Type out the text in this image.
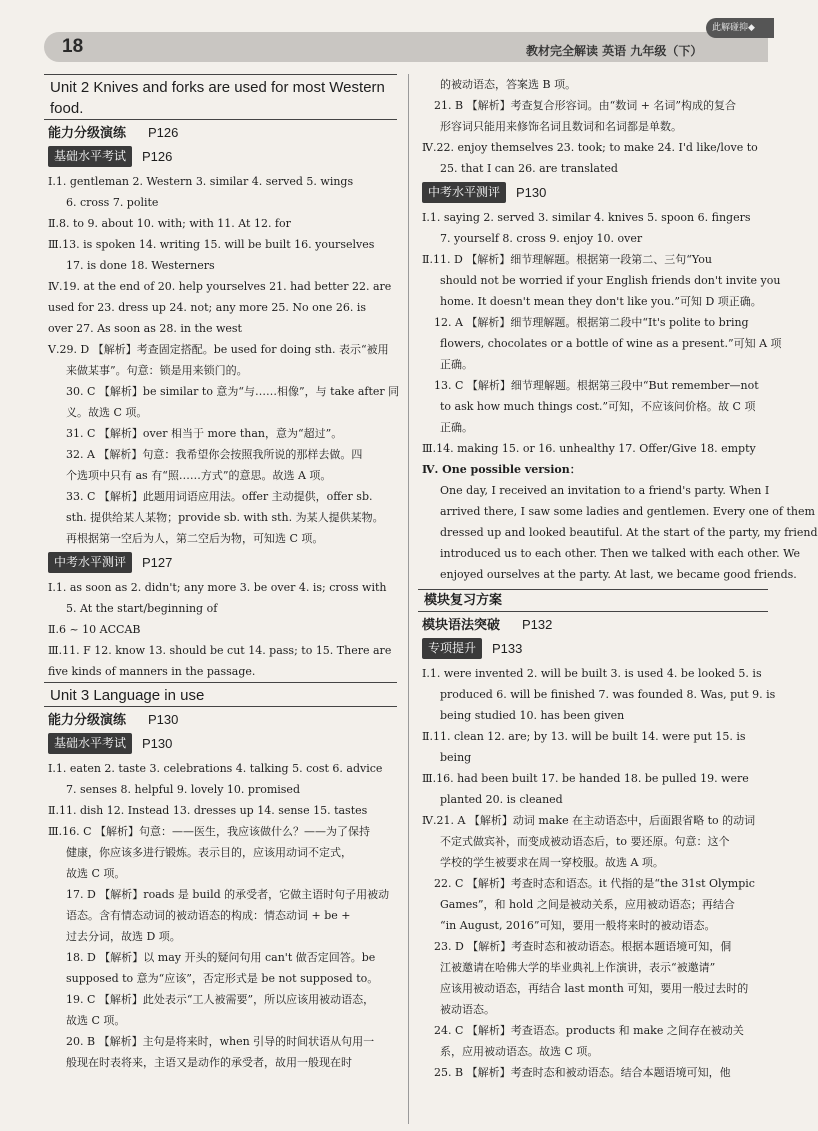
18	教材完全解读 英语 九年级（下）
此解碰抑◆
Unit 2 Knives and forks are used for most Western food.
能力分级演练 P126
基础水平考试 P126
Ⅰ.1. gentleman 2. Western 3. similar 4. served 5. wings
6. cross 7. polite
Ⅱ.8. to 9. about 10. with; with 11. At 12. for
Ⅲ.13. is spoken 14. writing 15. will be built 16. yourselves
17. is done 18. Westerners
Ⅳ.19. at the end of 20. help yourselves 21. had better 22. are
used for 23. dress up 24. not; any more 25. No one 26. is
over 27. As soon as 28. in the west
Ⅴ.29. D 【解析】考查固定搭配。be used for doing sth. 表示“被用
来做某事”。句意：锁是用来锁门的。
30. C 【解析】be similar to 意为“与……相像”，与 take after 同
义。故选 C 项。
31. C 【解析】over 相当于 more than，意为“超过”。
32. A 【解析】句意：我希望你会按照我所说的那样去做。四
个选项中只有 as 有“照……方式”的意思。故选 A 项。
33. C 【解析】此题用词语应用法。offer 主动提供，offer sb.
sth. 提供给某人某物；provide sb. with sth. 为某人提供某物。
再根据第一空后为人，第二空后为物，可知选 C 项。
中考水平测评 P127
Ⅰ.1. as soon as 2. didn't; any more 3. be over 4. is; cross with
5. At the start/beginning of
Ⅱ.6 ~ 10 ACCAB
Ⅲ.11. F 12. know 13. should be cut 14. pass; to 15. There are
five kinds of manners in the passage.
Unit 3 Language in use
能力分级演练 P130
基础水平考试 P130
Ⅰ.1. eaten 2. taste 3. celebrations 4. talking 5. cost 6. advice
7. senses 8. helpful 9. lovely 10. promised
Ⅱ.11. dish 12. Instead 13. dresses up 14. sense 15. tastes
Ⅲ.16. C 【解析】句意：——医生，我应该做什么？——为了保持
健康，你应该多进行锻炼。表示目的，应该用动词不定式，
故选 C 项。
17. D 【解析】roads 是 build 的承受者，它做主语时句子用被动
语态。含有情态动词的被动语态的构成：情态动词 + be +
过去分词，故选 D 项。
18. D 【解析】以 may 开头的疑问句用 can't 做否定回答。be
supposed to 意为“应该”，否定形式是 be not supposed to。
19. C 【解析】此处表示“工人被需要”，所以应该用被动语态，
故选 C 项。
20. B 【解析】主句是将来时，when 引导的时间状语从句用一
般现在时表将来，主语又是动作的承受者，故用一般现在时
的被动语态，答案选 B 项。
21. B 【解析】考查复合形容词。由“数词 + 名词”构成的复合
形容词只能用来修饰名词且数词和名词都是单数。
Ⅳ.22. enjoy themselves 23. took; to make 24. I'd like/love to
25. that I can 26. are translated
中考水平测评 P130
Ⅰ.1. saying 2. served 3. similar 4. knives 5. spoon 6. fingers
7. yourself 8. cross 9. enjoy 10. over
Ⅱ.11. D 【解析】细节理解题。根据第一段第二、三句“You
should not be worried if your English friends don't invite you
home. It doesn't mean they don't like you.”可知 D 项正确。
12. A 【解析】细节理解题。根据第二段中“It's polite to bring
flowers, chocolates or a bottle of wine as a present.”可知 A 项
正确。
13. C 【解析】细节理解题。根据第三段中“But remember—not
to ask how much things cost.”可知，不应该问价格。故 C 项
正确。
Ⅲ.14. making 15. or 16. unhealthy 17. Offer/Give 18. empty
Ⅳ. One possible version：
One day, I received an invitation to a friend's party. When I
arrived there, I saw some ladies and gentlemen. Every one of them
dressed up and looked beautiful. At the start of the party, my friend
introduced us to each other. Then we talked with each other. We
enjoyed ourselves at the party. At last, we became good friends.
模块复习方案
模块语法突破 P132
专项提升 P133
Ⅰ.1. were invented 2. will be built 3. is used 4. be looked 5. is
produced 6. will be finished 7. was founded 8. Was, put 9. is
being studied 10. has been given
Ⅱ.11. clean 12. are; by 13. will be built 14. were put 15. is
being
Ⅲ.16. had been built 17. be handed 18. be pulled 19. were
planted 20. is cleaned
Ⅳ.21. A 【解析】动词 make 在主动语态中，后面跟省略 to 的动词
不定式做宾补，而变成被动语态后，to 要还原。句意：这个
学校的学生被要求在周一穿校服。故选 A 项。
22. C 【解析】考查时态和语态。it 代指的是“the 31st Olympic
Games”，和 hold 之间是被动关系，应用被动语态；再结合
“in August, 2016”可知，要用一般将来时的被动语态。
23. D 【解析】考查时态和被动语态。根据本题语境可知，侗
江被邀请在哈佛大学的毕业典礼上作演讲，表示“被邀请”
应该用被动语态，再结合 last month 可知，要用一般过去时的
被动语态。
24. C 【解析】考查语态。products 和 make 之间存在被动关
系，应用被动语态。故选 C 项。
25. B 【解析】考查时态和被动语态。结合本题语境可知，他
